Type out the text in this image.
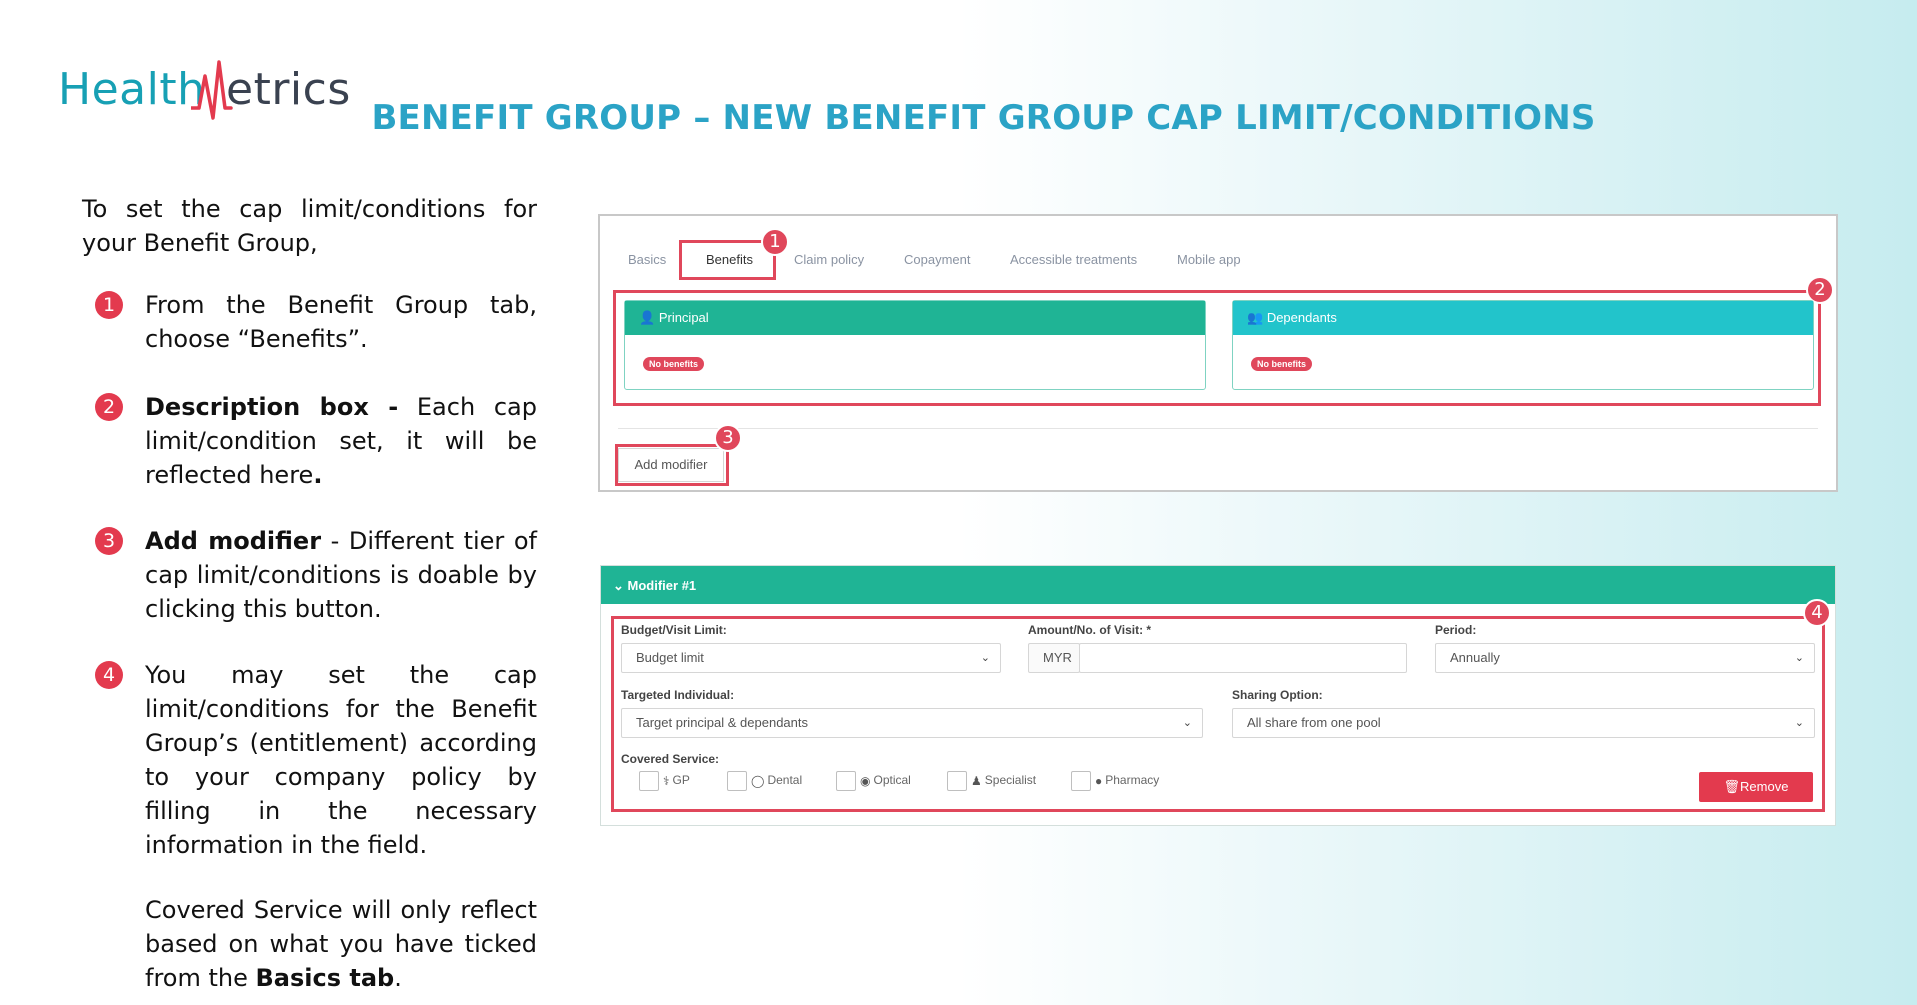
Health etrics
BENEFIT GROUP – NEW BENEFIT GROUP CAP LIMIT/CONDITIONS
To set the cap limit/conditions for your Benefit Group,
1	From the Benefit Group tab, choose “Benefits”.
2	Description box - Each cap limit/condition set, it will be reflected here.
3	Add modifier - Different tier of cap limit/conditions is doable by clicking this button.
4	You may set the cap limit/conditions for the Benefit Group’s (entitlement) according to your company policy by filling in the necessary information in the field.
Covered Service will only reflect based on what you have ticked from the Basics tab.
Basics	Benefits	Claim policy	Copayment	Accessible treatments	Mobile app
1
2
👤 Principal
No benefits
👥 Dependants
No benefits
Add modifier
3
⌄ Modifier #1
4
Budget/Visit Limit:
Budget limit	⌄
Amount/No. of Visit: *
MYR
Period:
Annually	⌄
Targeted Individual:
Target principal & dependants	⌄
Sharing Option:
All share from one pool	⌄
Covered Service:
⚕ GP	◯ Dental	◉ Optical	♟ Specialist	● Pharmacy	🗑Remove
